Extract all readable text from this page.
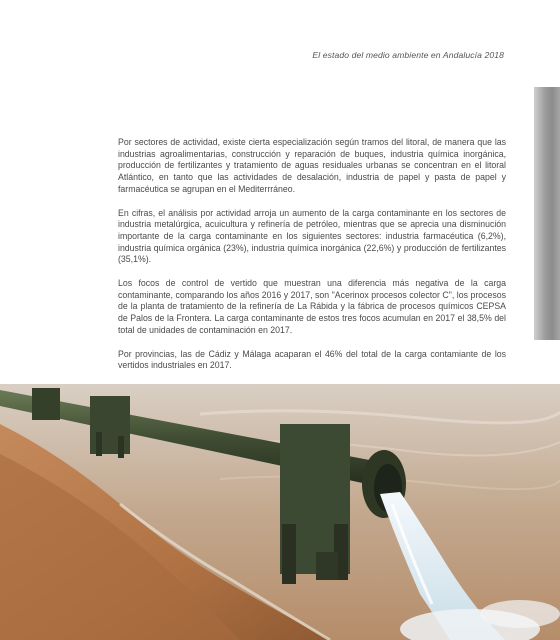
El estado del medio ambiente en Andalucía 2018

Por sectores de actividad, existe cierta especialización según tramos del litoral, de manera que las industrias agroalimentarias, construcción y reparación de buques, industria química inorgánica, producción de fertilizantes y tratamiento de aguas residuales urbanas se concentran en el litoral Atlántico, en tanto que las actividades de desalación, industria de papel y pasta de papel y farmacéutica se agrupan en el Mediterrráneo.

En cifras, el análisis por actividad arroja un aumento de la carga contaminante en los sectores de industria metalúrgica, acuicultura y refinería de petróleo, mientras que se aprecia una disminución importante de la carga contaminante en los siguientes sectores: industria farmacéutica (6,2%), industria química orgánica (23%), industria química inorgánica (22,6%) y producción de fertilizantes (35,1%).

Los focos de control de vertido que muestran una diferencia más negativa de la carga contaminante, comparando los años 2016 y 2017, son "Acerinox procesos colector C", los procesos de la planta de tratamiento de la refinería de La Rábida y la fábrica de procesos químicos CEPSA de Palos de la Frontera. La carga contaminante de estos tres focos acumulan en 2017 el 38,5% del total de unidades de contaminación en 2017.

Por provincias, las de Cádiz y Málaga acaparan el 46% del total de la carga contamiante de los vertidos industriales en 2017.
